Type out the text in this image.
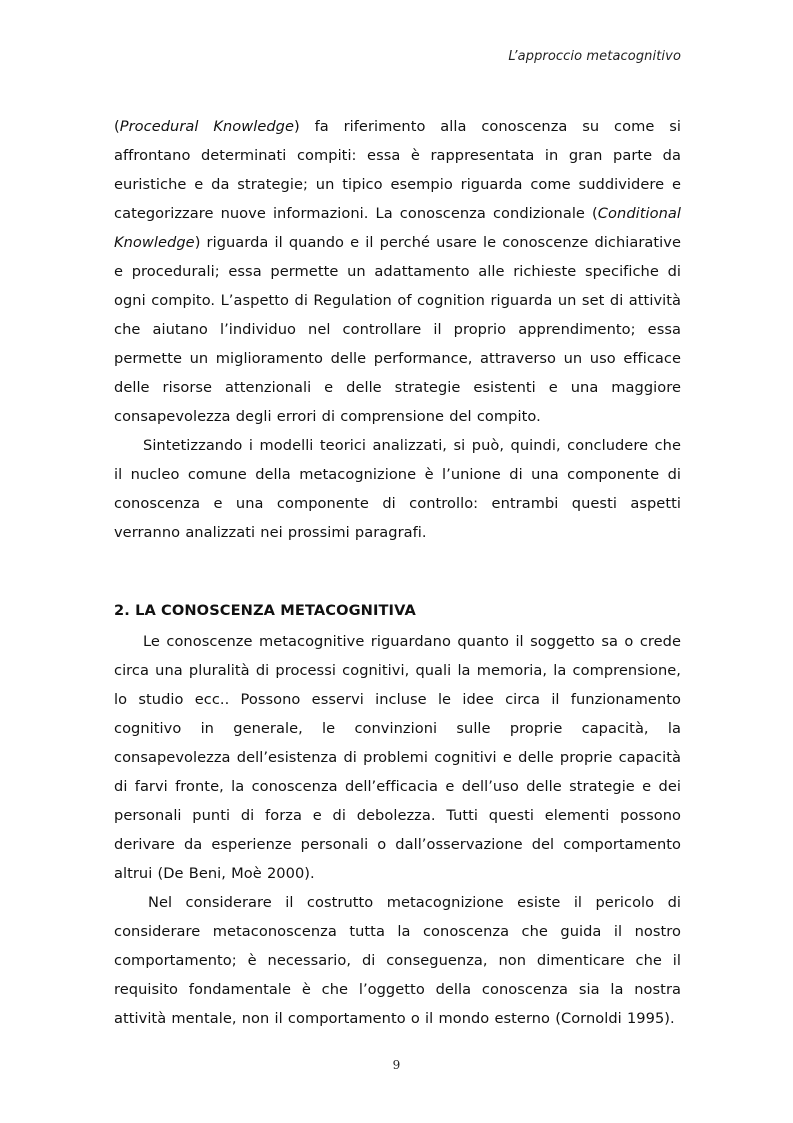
L’approccio metacognitivo

(Procedural Knowledge) fa riferimento alla conoscenza su come si affrontano determinati compiti: essa è rappresentata in gran parte da euristiche e da strategie; un tipico esempio riguarda come suddividere e categorizzare nuove informazioni. La conoscenza condizionale (Conditional Knowledge) riguarda il quando e il perché usare le conoscenze dichiarative e procedurali; essa permette un adattamento alle richieste specifiche di ogni compito. L’aspetto di Regulation of cognition riguarda un set di attività che aiutano l’individuo nel controllare il proprio apprendimento; essa permette un miglioramento delle performance, attraverso un uso efficace delle risorse attenzionali e delle strategie esistenti e una maggiore consapevolezza degli errori di comprensione del compito.

Sintetizzando i modelli teorici analizzati, si può, quindi, concludere che il nucleo comune della metacognizione è l’unione di una componente di conoscenza e una componente di controllo: entrambi questi aspetti verranno analizzati nei prossimi paragrafi.

2. LA CONOSCENZA METACOGNITIVA

Le conoscenze metacognitive riguardano quanto il soggetto sa o crede circa una pluralità di processi cognitivi, quali la memoria, la comprensione, lo studio ecc.. Possono esservi incluse le idee circa il funzionamento cognitivo in generale, le convinzioni sulle proprie capacità, la consapevolezza dell’esistenza di problemi cognitivi e delle proprie capacità di farvi fronte, la conoscenza dell’efficacia e dell’uso delle strategie e dei personali punti di forza e di debolezza. Tutti questi elementi possono derivare da esperienze personali o dall’osservazione del comportamento altrui (De Beni, Moè 2000).

Nel considerare il costrutto metacognizione esiste il pericolo di considerare metaconoscenza tutta la conoscenza che guida il nostro comportamento; è necessario, di conseguenza, non dimenticare che il requisito fondamentale è che l’oggetto della conoscenza sia la nostra attività mentale, non il comportamento o il mondo esterno (Cornoldi 1995).

9
